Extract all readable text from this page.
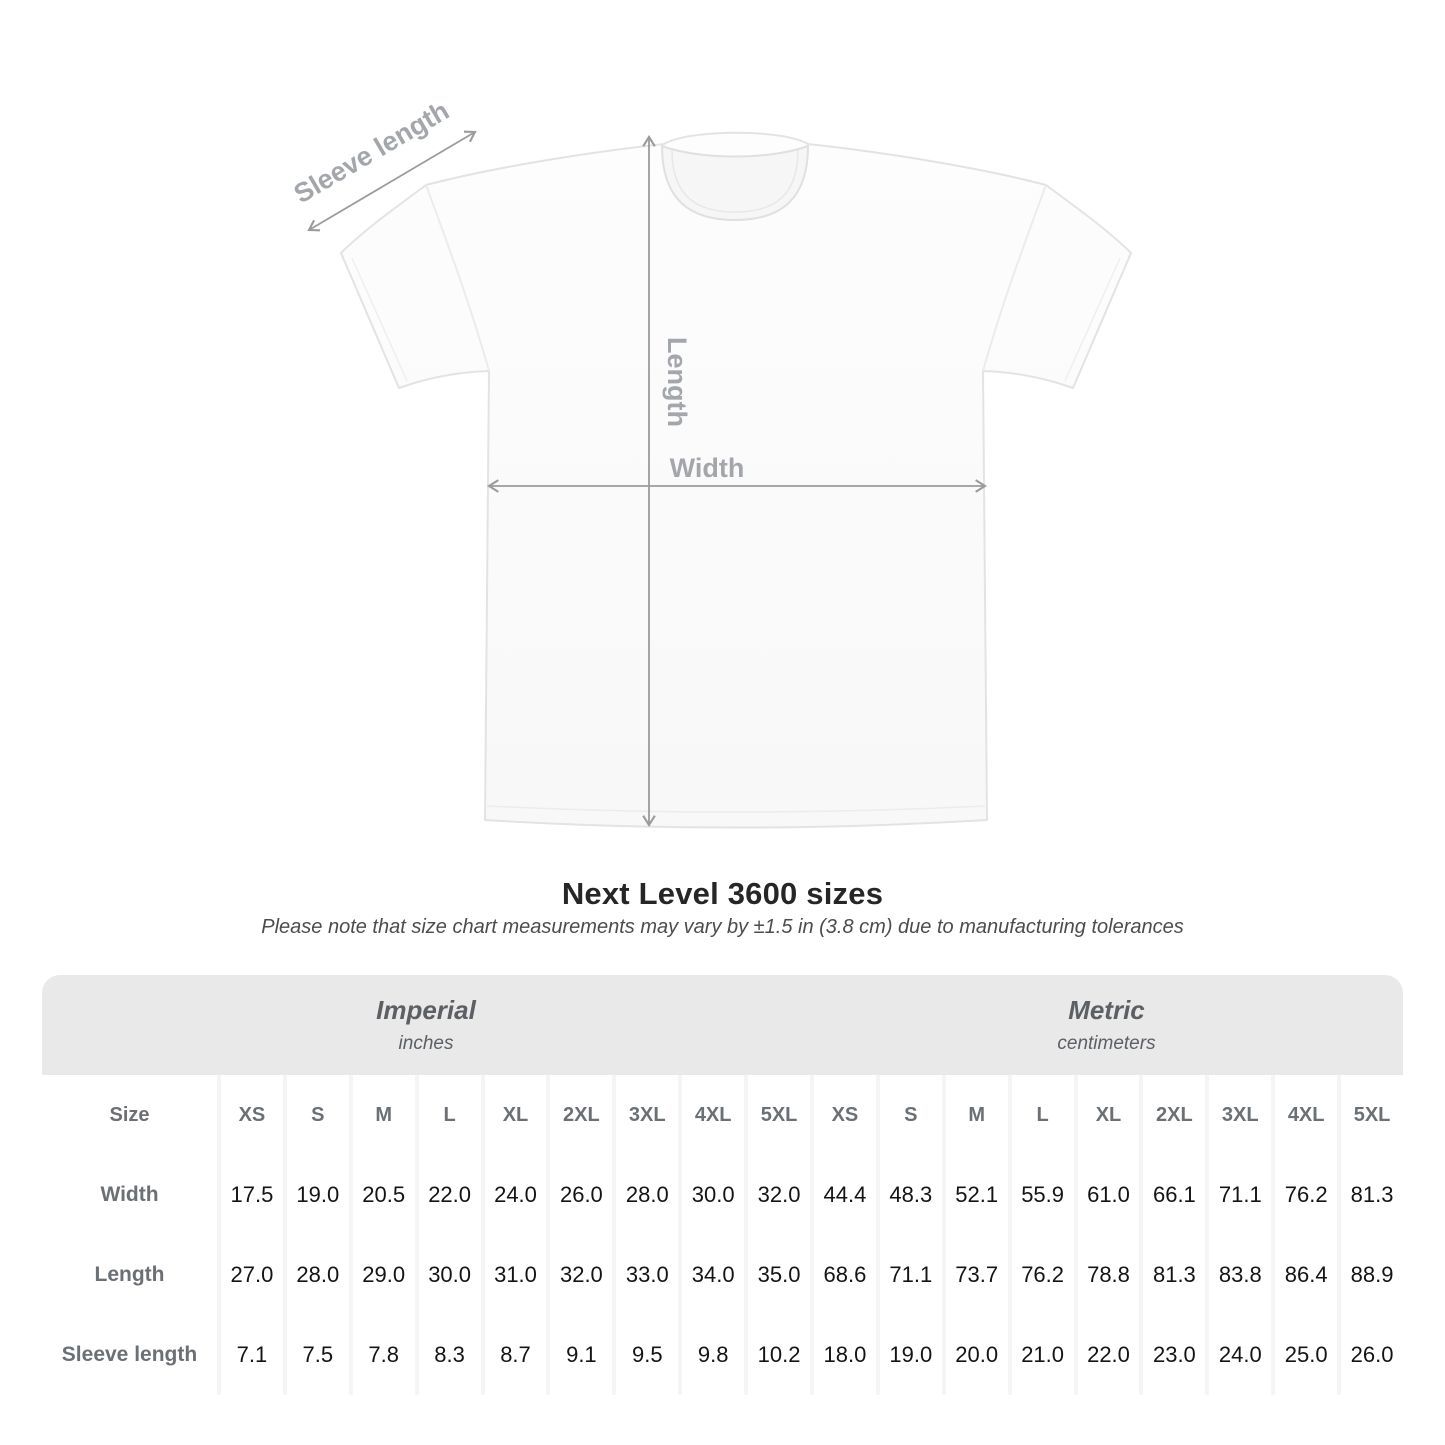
Sleeve length
Length
Width
Next Level 3600 sizes
Please note that size chart measurements may vary by ±1.5 in (3.8 cm) due to manufacturing tolerances
Imperial
inches
Metric
centimeters
Size	XS	S	M	L	XL	2XL	3XL	4XL	5XL	XS	S	M	L	XL	2XL	3XL	4XL	5XL
Width	17.5	19.0	20.5	22.0	24.0	26.0	28.0	30.0	32.0	44.4	48.3	52.1	55.9	61.0	66.1	71.1	76.2	81.3
Length	27.0	28.0	29.0	30.0	31.0	32.0	33.0	34.0	35.0	68.6	71.1	73.7	76.2	78.8	81.3	83.8	86.4	88.9
Sleeve length	7.1	7.5	7.8	8.3	8.7	9.1	9.5	9.8	10.2	18.0	19.0	20.0	21.0	22.0	23.0	24.0	25.0	26.0
